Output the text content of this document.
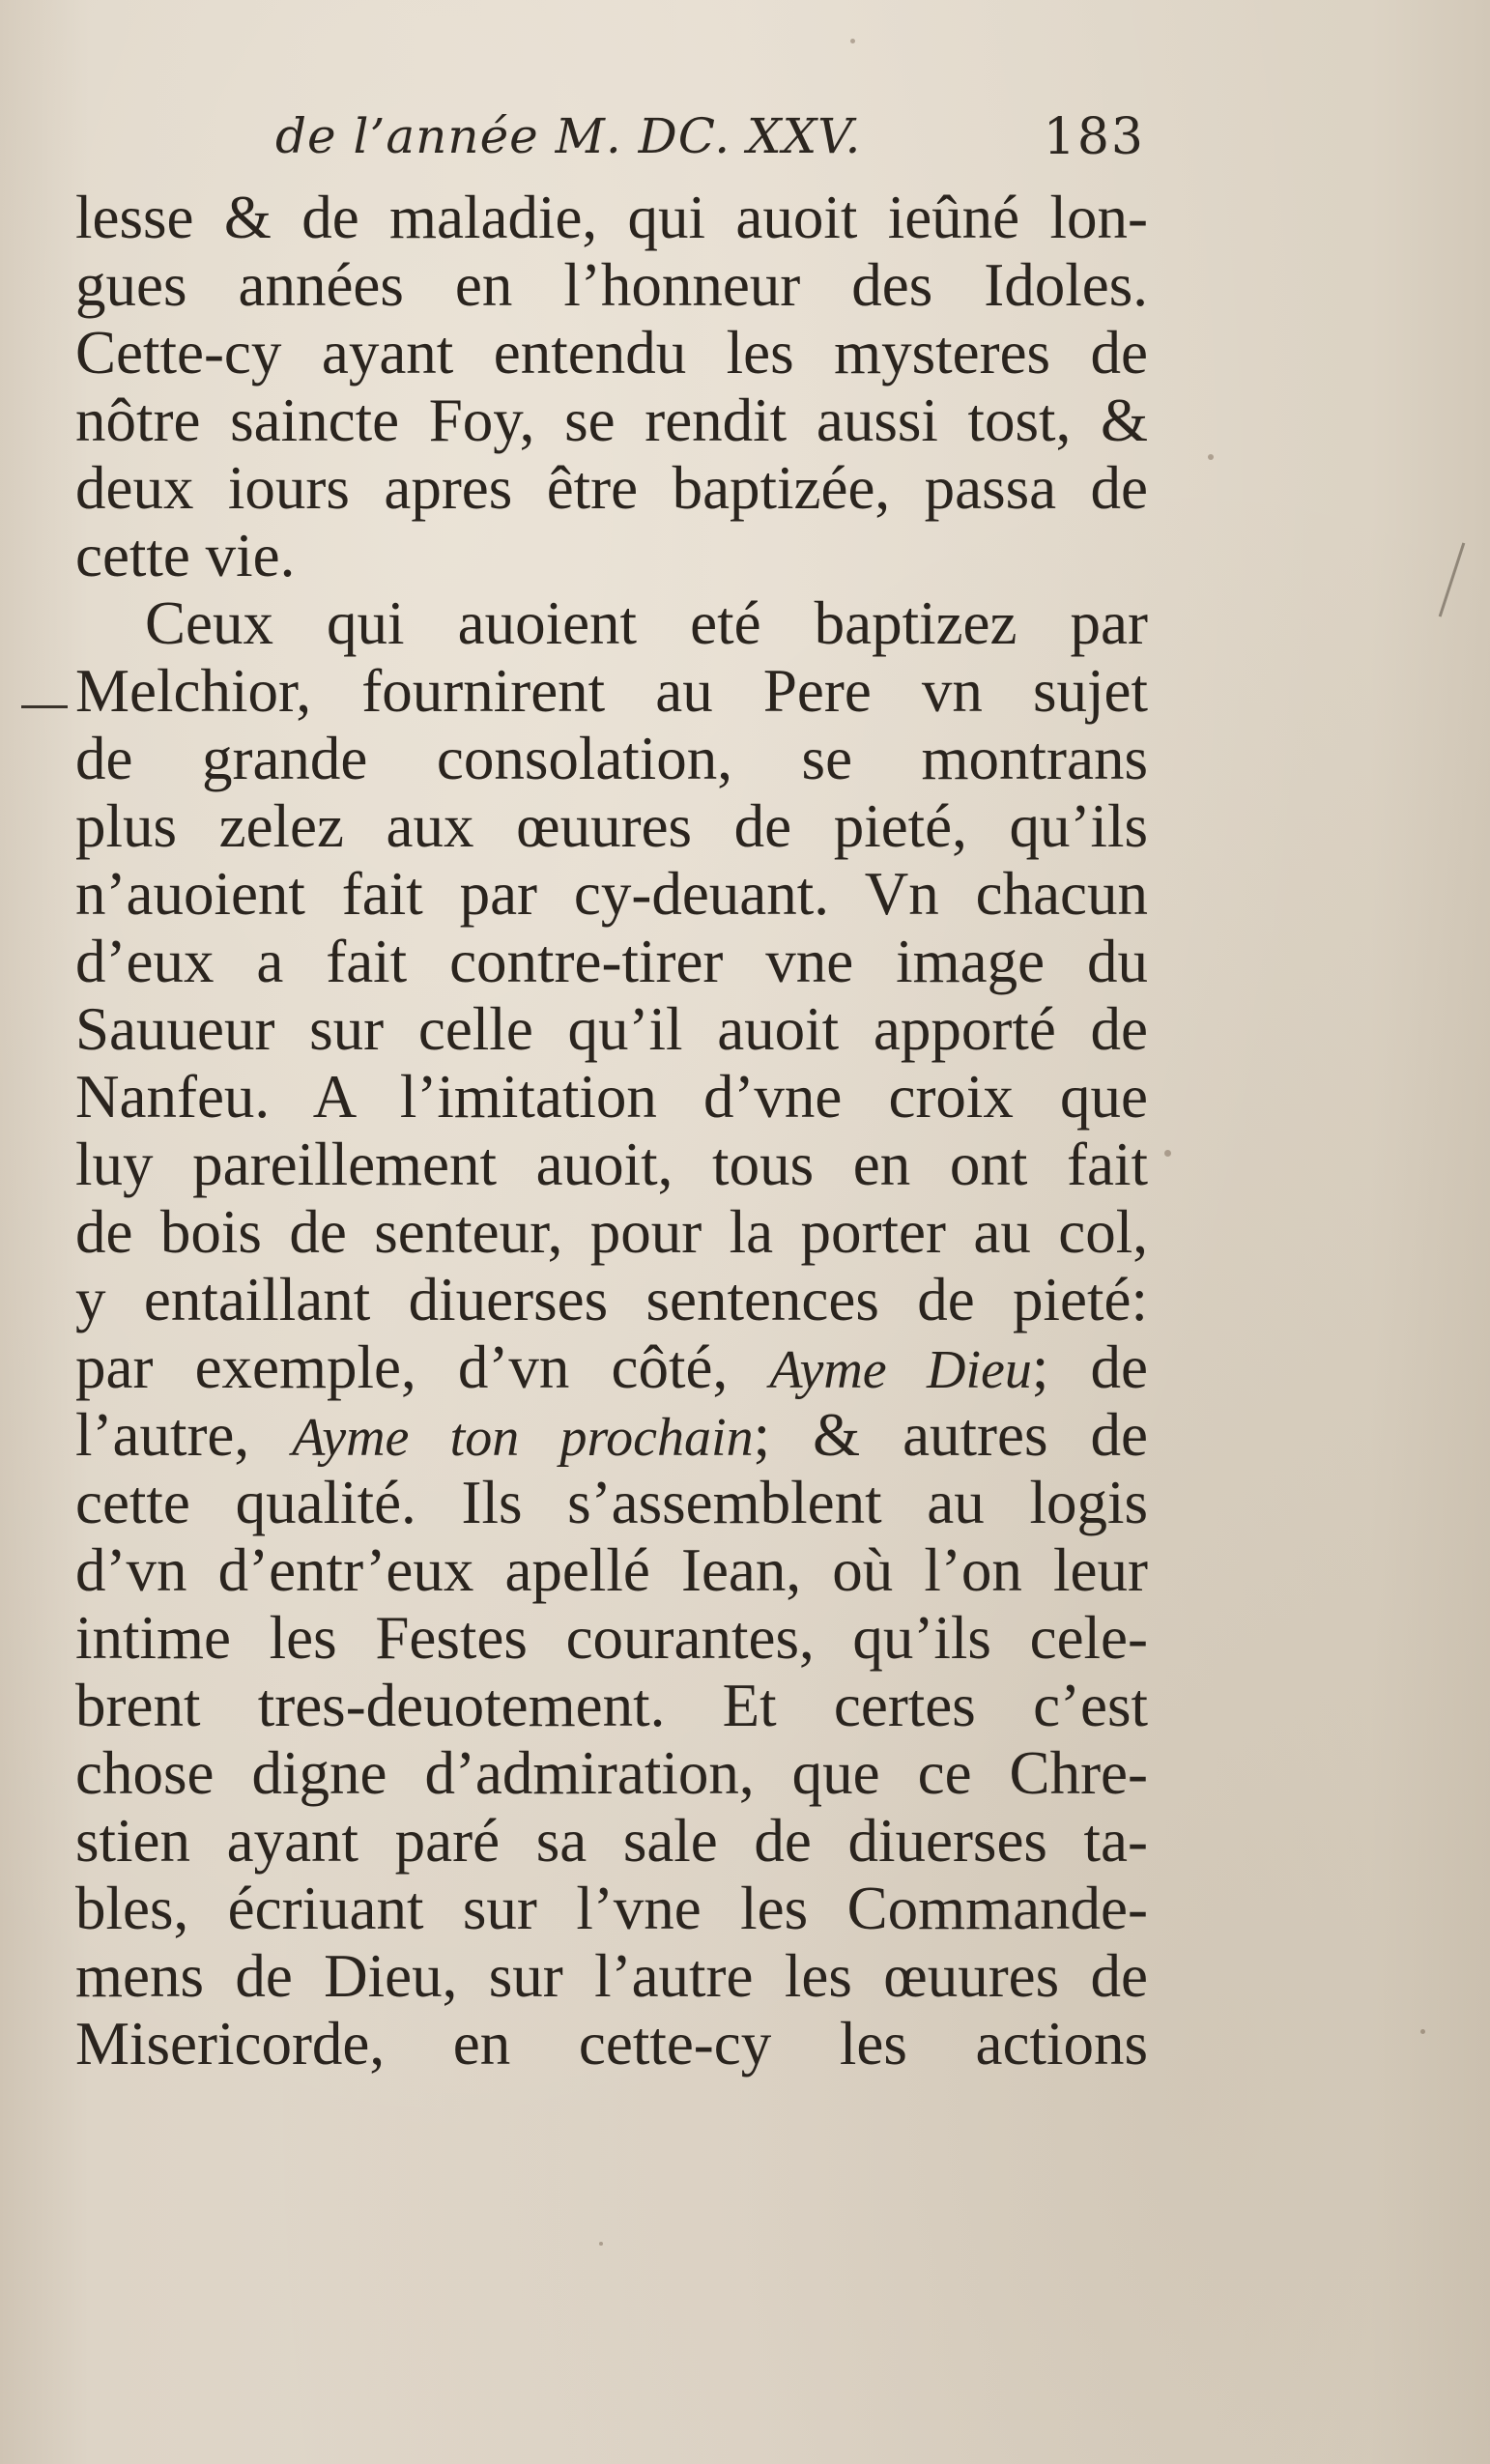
de l’année M. DC. XXV.	183
lesse & de maladie, qui auoit ieûné lon-
gues années en l’honneur des Idoles.
Cette-cy ayant entendu les mysteres de
nôtre saincte Foy, se rendit aussi tost, &
deux iours apres être baptizée, passa de
cette vie.
Ceux qui auoient eté baptizez par
Melchior, fournirent au Pere vn sujet
de grande consolation, se montrans
plus zelez aux œuures de pieté, qu’ils
n’auoient fait par cy-deuant. Vn chacun
d’eux a fait contre-tirer vne image du
Sauueur sur celle qu’il auoit apporté de
Nanfeu. A l’imitation d’vne croix que
luy pareillement auoit, tous en ont fait
de bois de senteur, pour la porter au col,
y entaillant diuerses sentences de pieté:
par exemple, d’vn côté, Ayme Dieu; de
l’autre, Ayme ton prochain; & autres de
cette qualité. Ils s’assemblent au logis
d’vn d’entr’eux apellé Iean, où l’on leur
intime les Festes courantes, qu’ils cele-
brent tres-deuotement. Et certes c’est
chose digne d’admiration, que ce Chre-
stien ayant paré sa sale de diuerses ta-
bles, écriuant sur l’vne les Commande-
mens de Dieu, sur l’autre les œuures de
Misericorde, en cette-cy les actions
